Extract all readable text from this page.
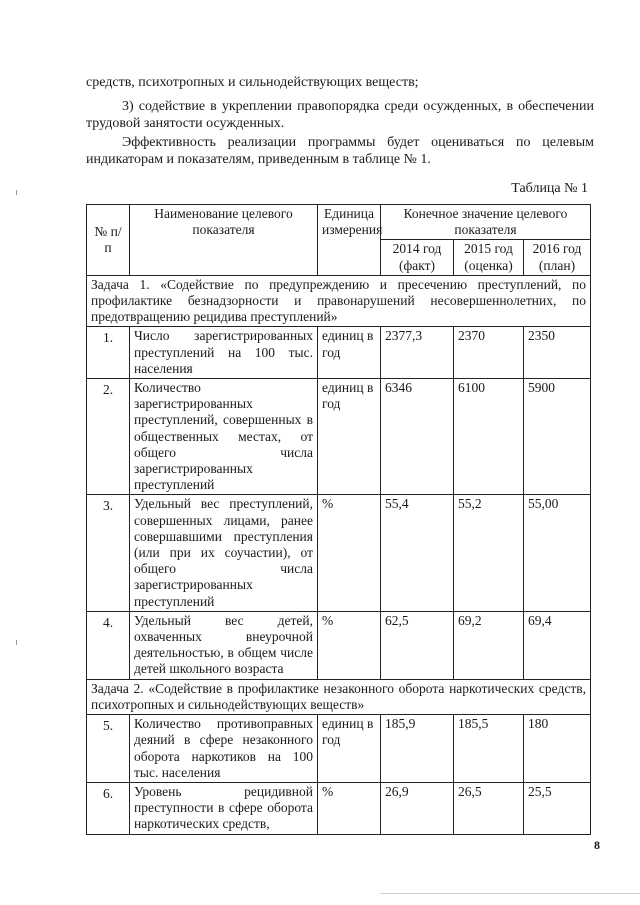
средств, психотропных и сильнодействующих веществ;

3) содействие в укреплении правопорядка среди осужденных, в обеспечении трудовой занятости осужденных.

Эффективность реализации программы будет оцениваться по целевым индикаторам и показателям, приведенным в таблице № 1.

Таблица № 1
№ п/п	Наименование целевого показателя	Единица измерения	Конечное значение целевого показателя		
			2014 год (факт)	2015 год (оценка)	2016 год (план)
Задача 1. «Содействие по предупреждению и пресечению преступлений, по профилактике безнадзорности и правонарушений несовершеннолетних, по предотвращению рецидива преступлений»					
1.	Число зарегистрированных преступлений на 100 тыс. населения	единиц в год	2377,3	2370	2350
2.	Количество зарегистрированных преступлений, совершенных в общественных местах, от общего числа зарегистрированных преступлений	единиц в год	6346	6100	5900
3.	Удельный вес преступлений, совершенных лицами, ранее совершавшими преступления (или при их соучастии), от общего числа зарегистрированных преступлений	%	55,4	55,2	55,00
4.	Удельный вес детей, охваченных внеурочной деятельностью, в общем числе детей школьного возраста	%	62,5	69,2	69,4
Задача 2. «Содействие в профилактике незаконного оборота наркотических средств, психотропных и сильнодействующих веществ»					
5.	Количество противоправных деяний в сфере незаконного оборота наркотиков на 100 тыс. населения	единиц в год	185,9	185,5	180
6.	Уровень рецидивной преступности в сфере оборота наркотических средств,	%	26,9	26,5	25,5
8
